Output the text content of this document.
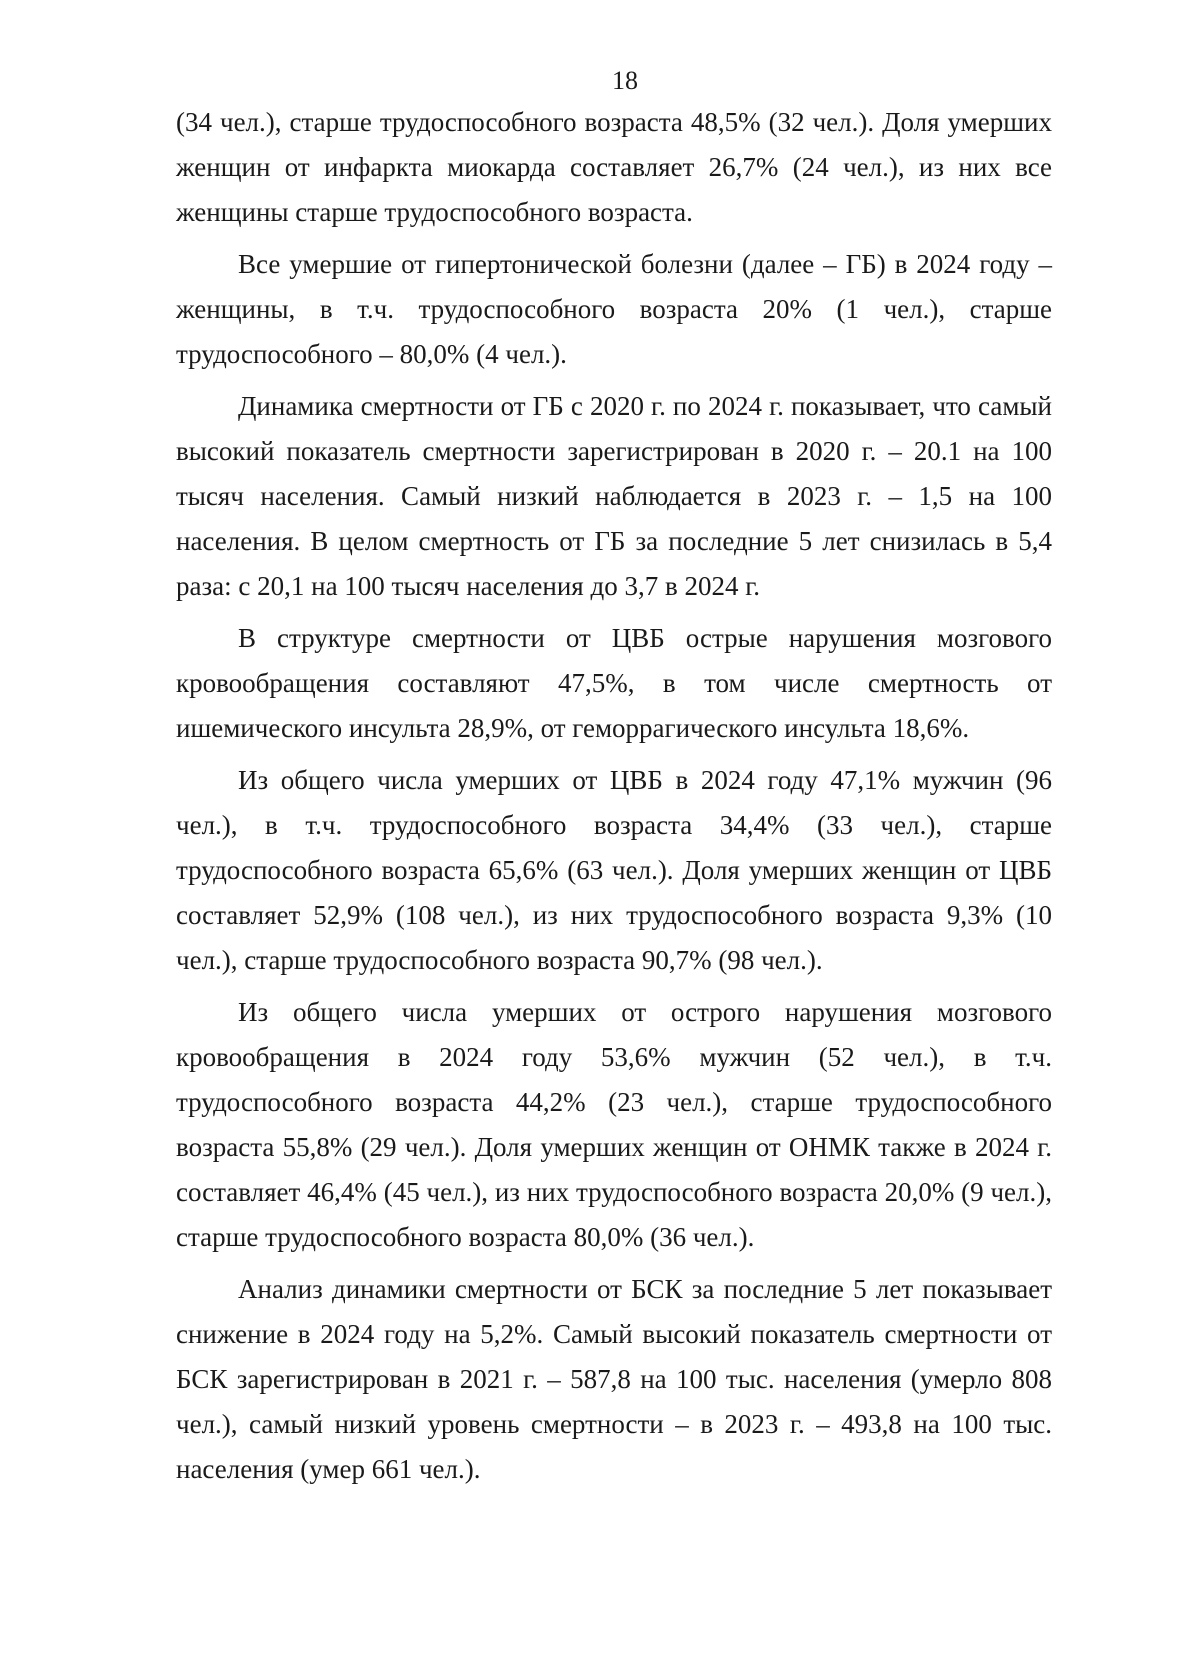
18

(34 чел.), старше трудоспособного возраста 48,5% (32 чел.). Доля умерших женщин от инфаркта миокарда составляет 26,7% (24 чел.), из них все женщины старше трудоспособного возраста.

Все умершие от гипертонической болезни (далее – ГБ) в 2024 году – женщины, в т.ч. трудоспособного возраста 20% (1 чел.), старше трудоспособного – 80,0% (4 чел.).

Динамика смертности от ГБ с 2020 г. по 2024 г. показывает, что самый высокий показатель смертности зарегистрирован в 2020 г. – 20.1 на 100 тысяч населения. Самый низкий наблюдается в 2023 г. – 1,5 на 100 населения. В целом смертность от ГБ за последние 5 лет снизилась в 5,4 раза: с 20,1 на 100 тысяч населения до 3,7 в 2024 г.

В структуре смертности от ЦВБ острые нарушения мозгового кровообращения составляют 47,5%, в том числе смертность от ишемического инсульта 28,9%, от геморрагического инсульта 18,6%.

Из общего числа умерших от ЦВБ в 2024 году 47,1% мужчин (96 чел.), в т.ч. трудоспособного возраста 34,4% (33 чел.), старше трудоспособного возраста 65,6% (63 чел.). Доля умерших женщин от ЦВБ составляет 52,9% (108 чел.), из них трудоспособного возраста 9,3% (10 чел.), старше трудоспособного возраста 90,7% (98 чел.).

Из общего числа умерших от острого нарушения мозгового кровообращения в 2024 году 53,6% мужчин (52 чел.), в т.ч. трудоспособного возраста 44,2% (23 чел.), старше трудоспособного возраста 55,8% (29 чел.). Доля умерших женщин от ОНМК также в 2024 г. составляет 46,4% (45 чел.), из них трудоспособного возраста 20,0% (9 чел.), старше трудоспособного возраста 80,0% (36 чел.).

Анализ динамики смертности от БСК за последние 5 лет показывает снижение в 2024 году на 5,2%. Самый высокий показатель смертности от БСК зарегистрирован в 2021 г. – 587,8 на 100 тыс. населения (умерло 808 чел.), самый низкий уровень смертности – в 2023 г. – 493,8 на 100 тыс. населения (умер 661 чел.).
